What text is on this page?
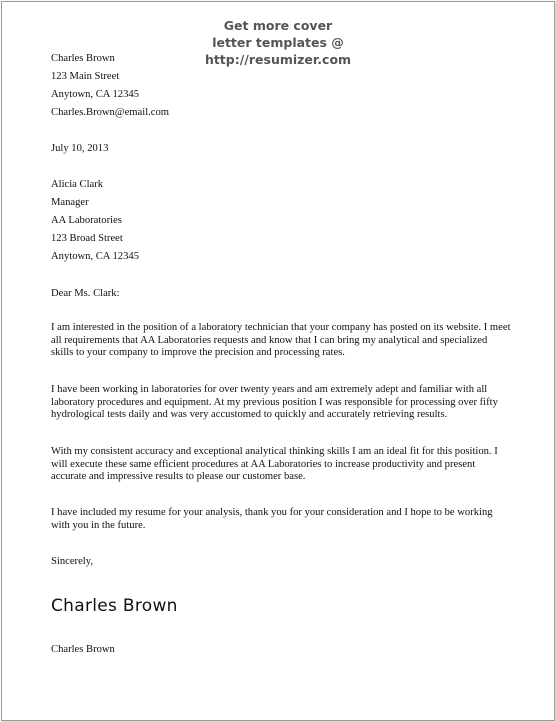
Get more cover
letter templates @
http://resumizer.com
Charles Brown
123 Main Street
Anytown, CA 12345
Charles.Brown@email.com
July 10, 2013
Alicia Clark
Manager
AA Laboratories
123 Broad Street
Anytown, CA 12345
Dear Ms. Clark:
I am interested in the position of a laboratory technician that your company has posted on its website. I meet all requirements that AA Laboratories requests and know that I can bring my analytical and specialized skills to your company to improve the precision and processing rates.
I have been working in laboratories for over twenty years and am extremely adept and familiar with all laboratory procedures and equipment. At my previous position I was responsible for processing over fifty hydrological tests daily and was very accustomed to quickly and accurately retrieving results.
With my consistent accuracy and exceptional analytical thinking skills I am an ideal fit for this position. I will execute these same efficient procedures at AA Laboratories to increase productivity and present accurate and impressive results to please our customer base.
I have included my resume for your analysis, thank you for your consideration and I hope to be working with you in the future.
Sincerely,
Charles Brown
Charles Brown
